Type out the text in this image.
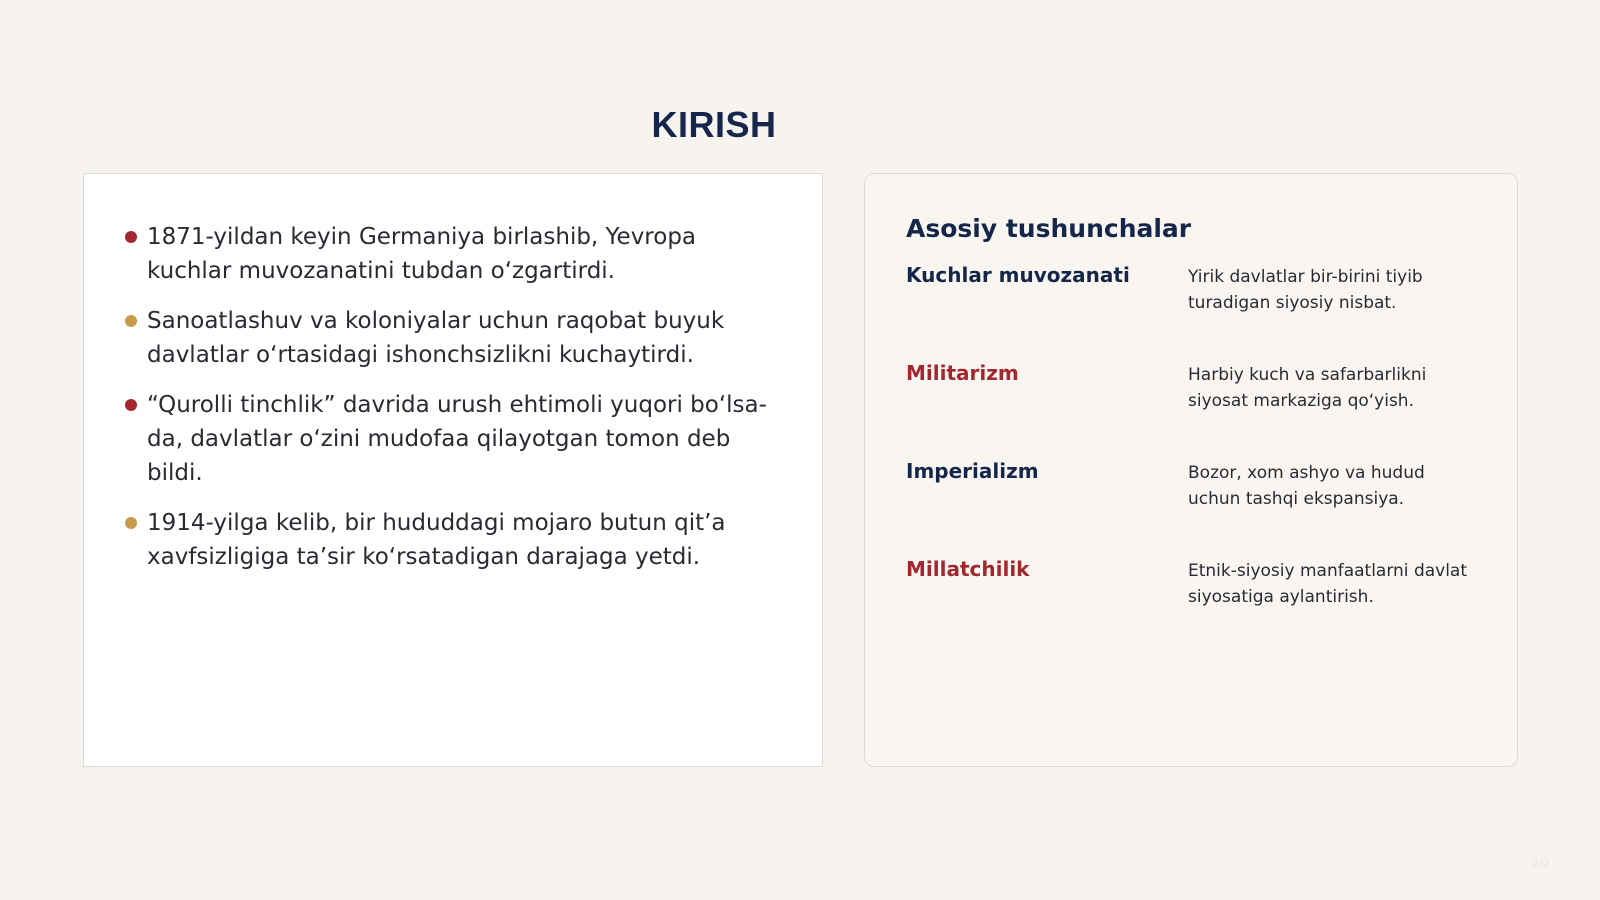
KIRISH
1871-yildan keyin Germaniya birlashib, Yevropa kuchlar muvozanatini tubdan o‘zgartirdi.
Sanoatlashuv va koloniyalar uchun raqobat buyuk davlatlar o‘rtasidagi ishonchsizlikni kuchaytirdi.
“Qurolli tinchlik” davrida urush ehtimoli yuqori bo‘lsa-da, davlatlar o‘zini mudofaa qilayotgan tomon deb bildi.
1914-yilga kelib, bir hududdagi mojaro butun qit’a xavfsizligiga ta’sir ko‘rsatadigan darajaga yetdi.
Asosiy tushunchalar
Kuchlar muvozanati	Yirik davlatlar bir-birini tiyib turadigan siyosiy nisbat.
Militarizm	Harbiy kuch va safarbarlikni siyosat markaziga qo‘yish.
Imperializm	Bozor, xom ashyo va hudud uchun tashqi ekspansiya.
Millatchilik	Etnik-siyosiy manfaatlarni davlat siyosatiga aylantirish.
2/2
